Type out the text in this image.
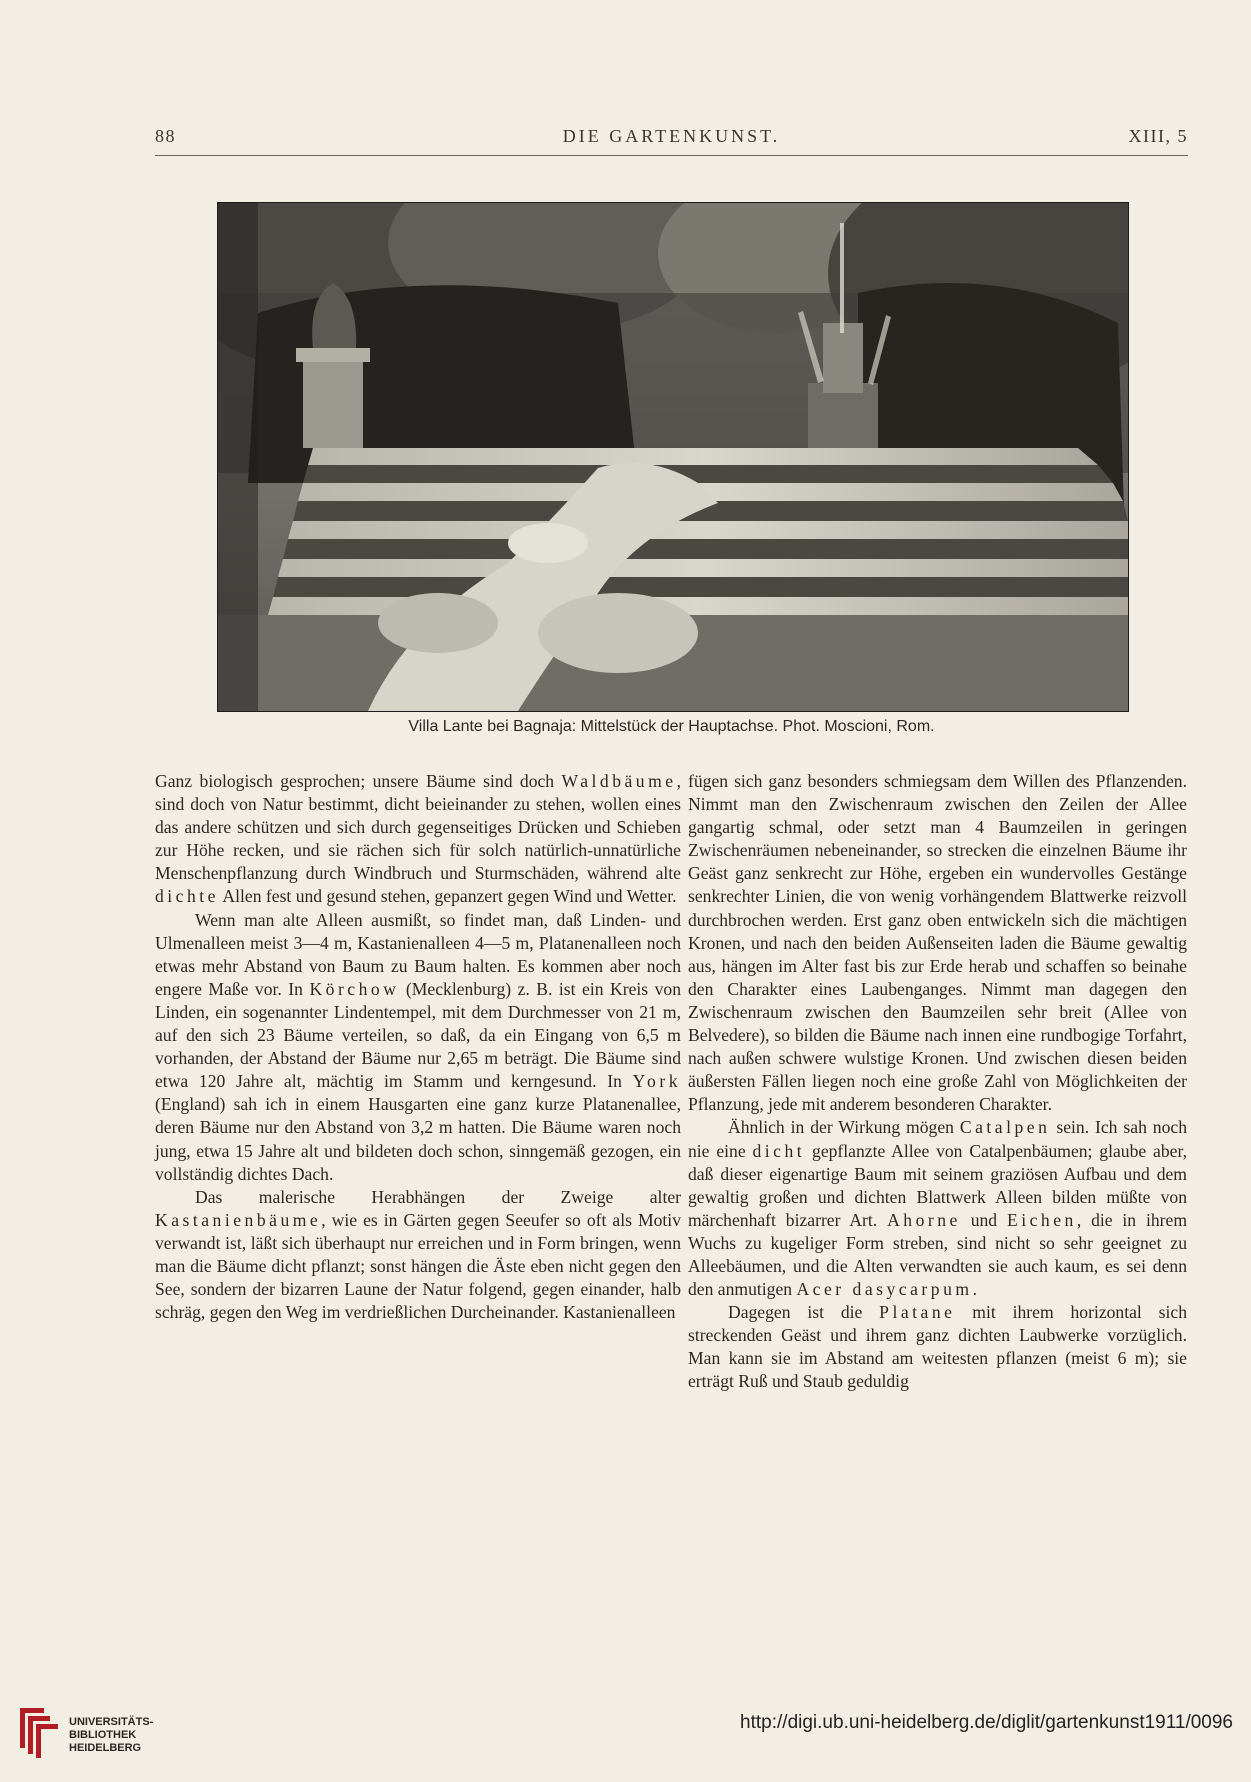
88	DIE GARTENKUNST.	XIII, 5
Villa Lante bei Bagnaja: Mittelstück der Hauptachse. Phot. Moscioni, Rom.

Ganz biologisch gesprochen; unsere Bäume sind doch Waldbäume, sind doch von Natur bestimmt, dicht beieinander zu stehen, wollen eines das andere schützen und sich durch gegenseitiges Drücken und Schieben zur Höhe recken, und sie rächen sich für solch natürlich-unnatürliche Menschenpflanzung durch Windbruch und Sturmschäden, während alte dichte Allen fest und gesund stehen, gepanzert gegen Wind und Wetter.

Wenn man alte Alleen ausmißt, so findet man, daß Linden- und Ulmenalleen meist 3—4 m, Kastanienalleen 4—5 m, Platanenalleen noch etwas mehr Abstand von Baum zu Baum halten. Es kommen aber noch engere Maße vor. In Körchow (Mecklenburg) z. B. ist ein Kreis von Linden, ein sogenannter Lindentempel, mit dem Durchmesser von 21 m, auf den sich 23 Bäume verteilen, so daß, da ein Eingang von 6,5 m vorhanden, der Abstand der Bäume nur 2,65 m beträgt. Die Bäume sind etwa 120 Jahre alt, mächtig im Stamm und kerngesund. In York (England) sah ich in einem Hausgarten eine ganz kurze Platanenallee, deren Bäume nur den Abstand von 3,2 m hatten. Die Bäume waren noch jung, etwa 15 Jahre alt und bildeten doch schon, sinngemäß gezogen, ein vollständig dichtes Dach.

Das malerische Herabhängen der Zweige alter Kastanienbäume, wie es in Gärten gegen Seeufer so oft als Motiv verwandt ist, läßt sich überhaupt nur erreichen und in Form bringen, wenn man die Bäume dicht pflanzt; sonst hängen die Äste eben nicht gegen den See, sondern der bizarren Laune der Natur folgend, gegen einander, halb schräg, gegen den Weg im verdrießlichen Durcheinander. Kastanienalleen

fügen sich ganz besonders schmiegsam dem Willen des Pflanzenden. Nimmt man den Zwischenraum zwischen den Zeilen der Allee gangartig schmal, oder setzt man 4 Baumzeilen in geringen Zwischenräumen nebeneinander, so strecken die einzelnen Bäume ihr Geäst ganz senkrecht zur Höhe, ergeben ein wundervolles Gestänge senkrechter Linien, die von wenig vorhängendem Blattwerke reizvoll durchbrochen werden. Erst ganz oben entwickeln sich die mächtigen Kronen, und nach den beiden Außenseiten laden die Bäume gewaltig aus, hängen im Alter fast bis zur Erde herab und schaffen so beinahe den Charakter eines Laubenganges. Nimmt man dagegen den Zwischenraum zwischen den Baumzeilen sehr breit (Allee von Belvedere), so bilden die Bäume nach innen eine rundbogige Torfahrt, nach außen schwere wulstige Kronen. Und zwischen diesen beiden äußersten Fällen liegen noch eine große Zahl von Möglichkeiten der Pflanzung, jede mit anderem besonderen Charakter.

Ähnlich in der Wirkung mögen Catalpen sein. Ich sah noch nie eine dicht gepflanzte Allee von Catalpenbäumen; glaube aber, daß dieser eigenartige Baum mit seinem graziösen Aufbau und dem gewaltig großen und dichten Blattwerk Alleen bilden müßte von märchenhaft bizarrer Art. Ahorne und Eichen, die in ihrem Wuchs zu kugeliger Form streben, sind nicht so sehr geeignet zu Alleebäumen, und die Alten verwandten sie auch kaum, es sei denn den anmutigen Acer dasycarpum.

Dagegen ist die Platane mit ihrem horizontal sich streckenden Geäst und ihrem ganz dichten Laubwerke vorzüglich. Man kann sie im Abstand am weitesten pflanzen (meist 6 m); sie erträgt Ruß und Staub geduldig

UNIVERSITÄTS-
BIBLIOTHEK
HEIDELBERG
http://digi.ub.uni-heidelberg.de/diglit/gartenkunst1911/0096
